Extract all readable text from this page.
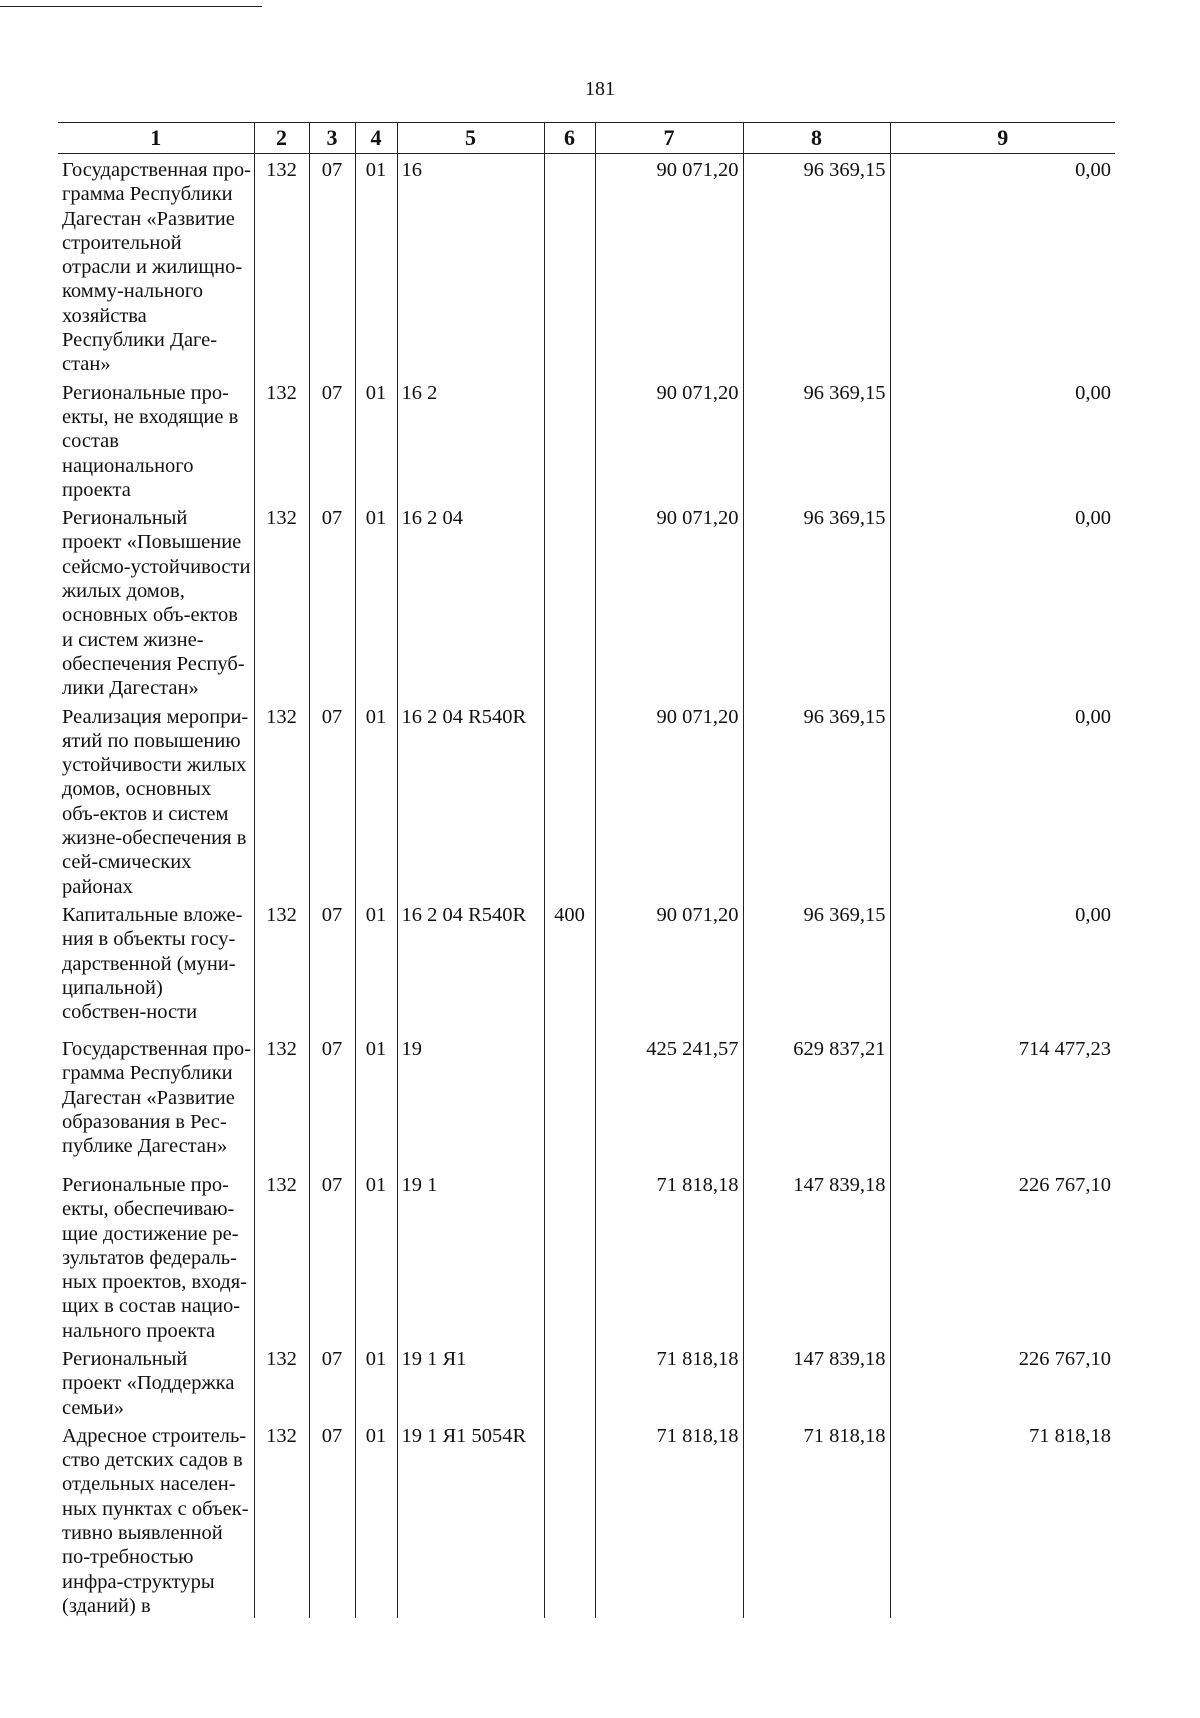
181
1	2	3	4	5	6	7	8	9
Государственная про-грамма Республики Дагестан «Развитие строительной отрасли и жилищно-комму-нального хозяйства Республики Даге-стан»	132	07	01	16		90 071,20	96 369,15	0,00
Региональные про-екты, не входящие в состав национального проекта	132	07	01	16 2		90 071,20	96 369,15	0,00
Региональный проект «Повышение сейсмо-устойчивости жилых домов, основных объ-ектов и систем жизне-обеспечения Респуб-лики Дагестан»	132	07	01	16 2 04		90 071,20	96 369,15	0,00
Реализация меропри-ятий по повышению устойчивости жилых домов, основных объ-ектов и систем жизне-обеспечения в сей-смических районах	132	07	01	16 2 04 R540R		90 071,20	96 369,15	0,00
Капитальные вложе-ния в объекты госу-дарственной (муни-ципальной) собствен-ности	132	07	01	16 2 04 R540R	400	90 071,20	96 369,15	0,00
Государственная про-грамма Республики Дагестан «Развитие образования в Рес-публике Дагестан»	132	07	01	19		425 241,57	629 837,21	714 477,23
Региональные про-екты, обеспечиваю-щие достижение ре-зультатов федераль-ных проектов, входя-щих в состав нацио-нального проекта	132	07	01	19 1		71 818,18	147 839,18	226 767,10
Региональный проект «Поддержка семьи»	132	07	01	19 1 Я1		71 818,18	147 839,18	226 767,10
Адресное строитель-ство детских садов в отдельных населен-ных пунктах с объек-тивно выявленной по-требностью инфра-структуры (зданий) в	132	07	01	19 1 Я1 5054R		71 818,18	71 818,18	71 818,18
